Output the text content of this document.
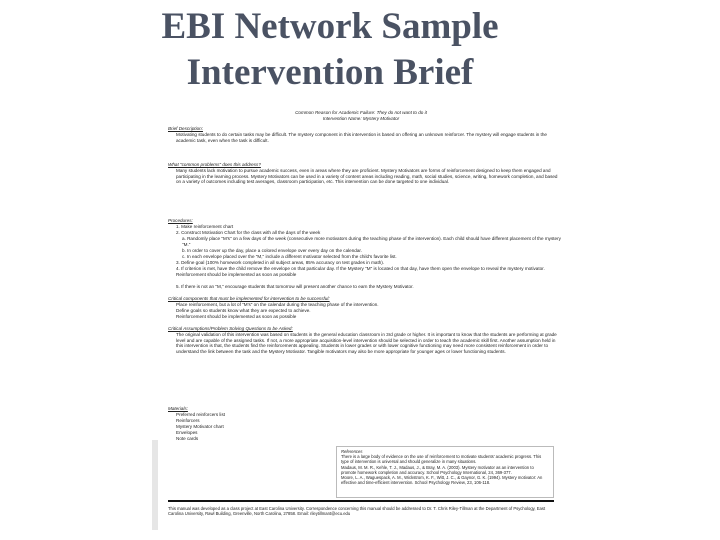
EBI Network Sample
Intervention Brief
Common Reason for Academic Failure: They do not want to do it
Intervention Name: Mystery Motivator
Brief Description:
Motivating students to do certain tasks may be difficult. The mystery component in this intervention is based on offering an unknown reinforcer. The mystery will engage students in the academic task, even when the task is difficult.
What "common problems" does this address?
Many students lack motivation to pursue academic success, even in areas where they are proficient. Mystery Motivators are forms of reinforcement designed to keep them engaged and participating in the learning process. Mystery Motivators can be used in a variety of content areas including reading, math, social studies, science, writing, homework completion, and based on a variety of outcomes including test averages, classroom participation, etc. This intervention can be done targeted to one individual.
Procedures:
1. Make reinforcement chart
2. Construct Motivation Chart for the class with all the days of the week
a. Randomly place "M's" on a few days of the week (consecutive more motivators during the teaching phase of the intervention). Each child should have different placement of the mystery "M."
b. In order to cover up the day, place a colored envelope over every day on the calendar.
c. In each envelope placed over the "M," include a different motivator selected from the child's favorite list.
3. Define goal (100% homework completed in all subject areas, 85% accuracy on test grades in math).
4. If criterion is met, have the child remove the envelope on that particular day. If the Mystery "M" is located on that day, have them open the envelope to reveal the mystery motivator. Reinforcement should be implemented as soon as possible
5. If there is not an "M," encourage students that tomorrow will present another chance to earn the Mystery Motivator.
Critical components that must be implemented for intervention to be successful:
Place reinforcement, but a lot of "M's" on the calendar during the teaching phase of the intervention.
Define goals so students know what they are expected to achieve.
Reinforcement should be implemented as soon as possible
Critical Assumptions/Problem Solving Questions to be Asked:
The original validation of this intervention was based on students in the general education classroom in 3rd grade or higher. It is important to know that the students are performing at grade level and are capable of the assigned tasks. If not, a more appropriate acquisition-level intervention should be selected in order to teach the academic skill first. Another assumption held in this intervention is that, the students find the reinforcements appealing. Students in lower grades or with lower cognitive functioning may need more consistent reinforcement in order to understand the link between the task and the Mystery Motivator. Tangible motivators may also be more appropriate for younger ages or lower functioning students.
Materials:
Preferred reinforcers list
Reinforcers
Mystery Motivator chart
Envelopes
Note cards
References
There is a large body of evidence on the use of reinforcement to motivate students' academic progress. This type of intervention is universal and should generalize in many situations.
Madaus, M. M. R., Kehle, T. J., Madaus, J., & Bray, M. A. (2003). Mystery motivator as an intervention to promote homework completion and accuracy. School Psychology International, 24, 369-377.
Moore, L. A., Waguespack, A. M., Wickstrom, K. F., Witt, J. C., & Gaynor, G. K. (1994). Mystery motivator: An effective and time-efficient intervention. School Psychology Review, 23, 106-118.
This manual was developed as a class project at East Carolina University. Correspondence concerning this manual should be addressed to Dr. T. Chris Riley-Tillman at the Department of Psychology, East Carolina University, Rawl Building, Greenville, North Carolina, 27858. Email: rileytillmant@ecu.edu
